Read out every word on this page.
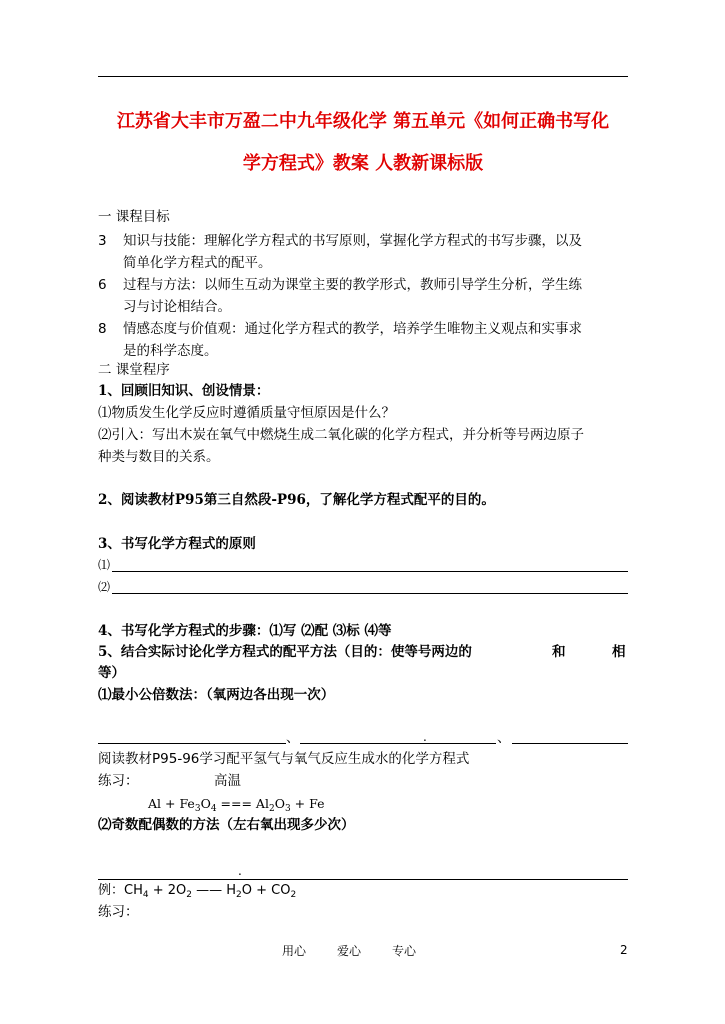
江苏省大丰市万盈二中九年级化学 第五单元《如何正确书写化
学方程式》教案 人教新课标版
一 课程目标
3 知识与技能：理解化学方程式的书写原则，掌握化学方程式的书写步骤，以及
简单化学方程式的配平。
6 过程与方法：以师生互动为课堂主要的教学形式，教师引导学生分析，学生练
习与讨论相结合。
8 情感态度与价值观：通过化学方程式的教学，培养学生唯物主义观点和实事求
是的科学态度。
二 课堂程序
1、回顾旧知识、创设情景：
⑴物质发生化学反应时遵循质量守恒原因是什么？
⑵引入：写出木炭在氧气中燃烧生成二氧化碳的化学方程式，并分析等号两边原子
种类与数目的关系。
2、阅读教材P95第三自然段-P96，了解化学方程式配平的目的。
3、书写化学方程式的原则
⑴
⑵
4、书写化学方程式的步骤：⑴写 ⑵配 ⑶标 ⑷等
5、结合实际讨论化学方程式的配平方法（目的：使等号两边的	和	相
等）
⑴最小公倍数法：（氧两边各出现一次）
、	.	、
阅读教材P95-96学习配平氢气与氧气反应生成水的化学方程式
练习：	高温
$Al + Fe_3O_4$ === $Al_2O_3 + Fe$
⑵奇数配偶数的方法（左右氧出现多少次）
.
例：$CH_4 + 2O_2$ —— $H_2O + CO_2$
练习：
用心	爱心	专心	2
